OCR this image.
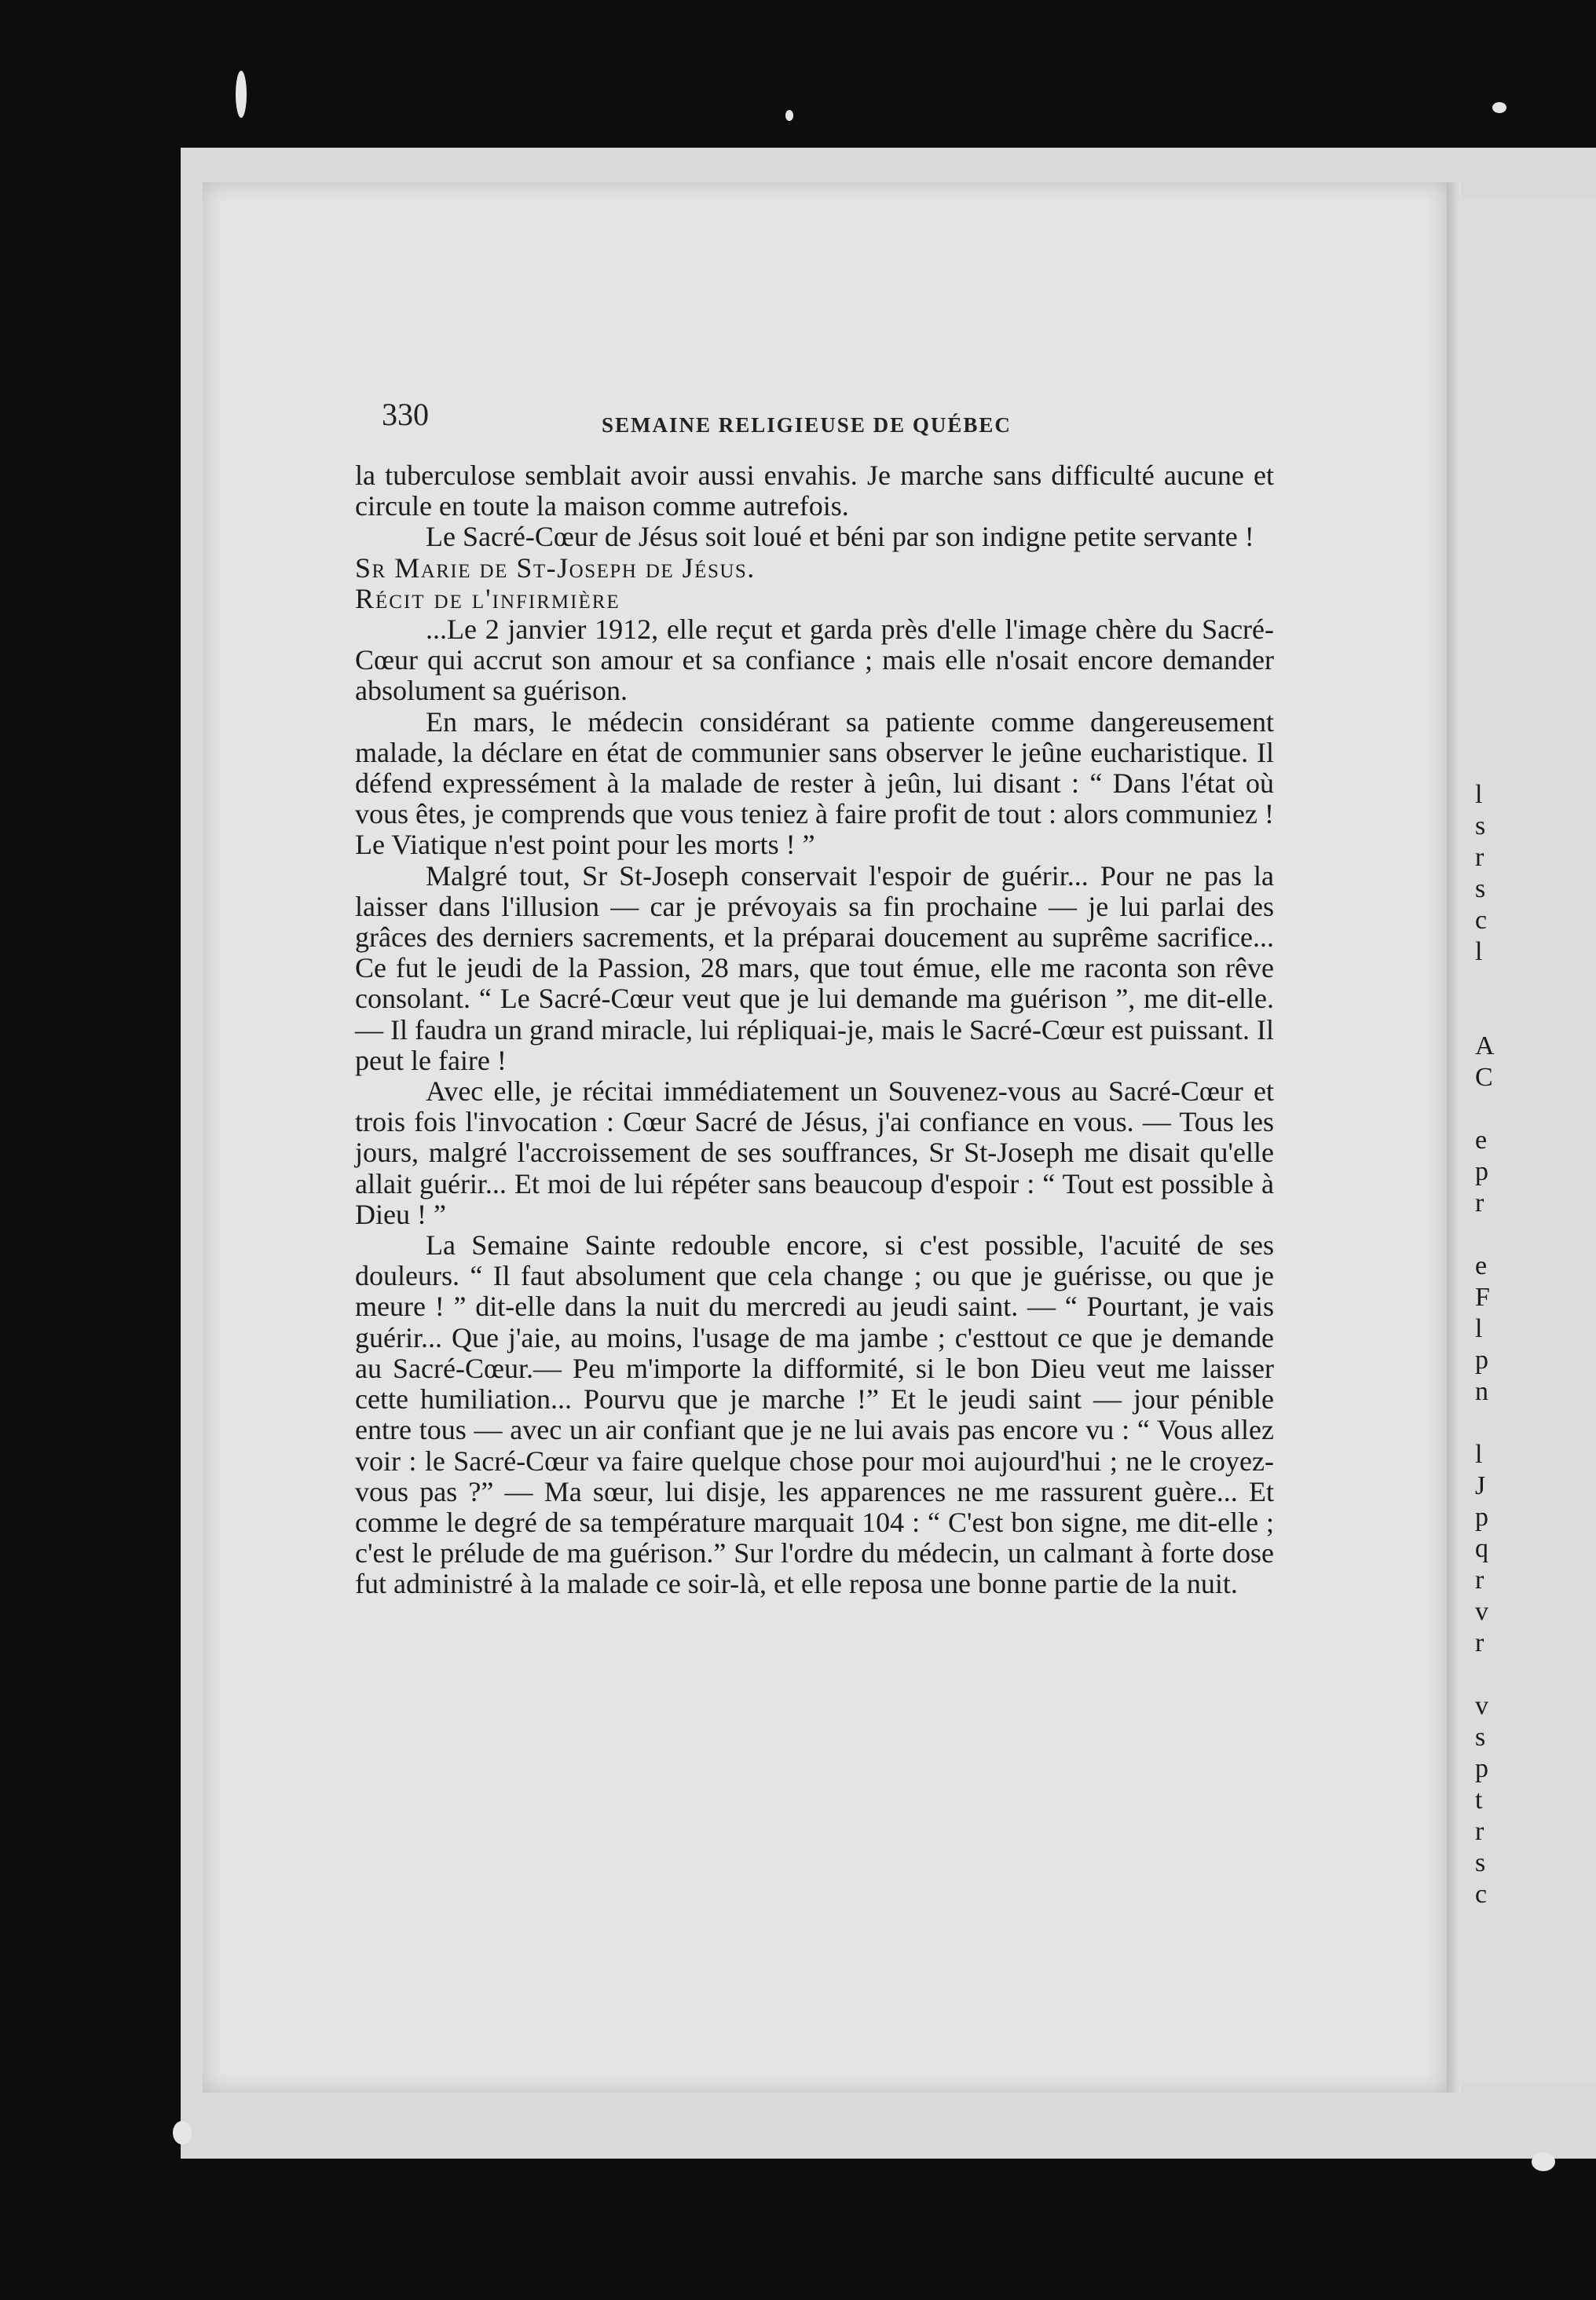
l
s
r
s
c
l
A
C
e
p
r
e
F
l
p
n
l
J
p
q
r
v
r
v
s
p
t
r
s
c
330	SEMAINE RELIGIEUSE DE QUÉBEC

la tuberculose semblait avoir aussi envahis. Je marche sans difficulté aucune et circule en toute la maison comme autrefois.

Le Sacré-Cœur de Jésus soit loué et béni par son indigne petite servante !

Sr Marie de St-Joseph de Jésus.

Récit de l'infirmière

...Le 2 janvier 1912, elle reçut et garda près d'elle l'image chère du Sacré-Cœur qui accrut son amour et sa confiance ; mais elle n'osait encore demander absolument sa guérison.

En mars, le médecin considérant sa patiente comme dangereusement malade, la déclare en état de communier sans observer le jeûne eucharistique. Il défend expressément à la malade de rester à jeûn, lui disant : “ Dans l'état où vous êtes, je comprends que vous teniez à faire profit de tout : alors communiez ! Le Viatique n'est point pour les morts ! ”

Malgré tout, Sr St-Joseph conservait l'espoir de guérir... Pour ne pas la laisser dans l'illusion — car je prévoyais sa fin prochaine — je lui parlai des grâces des derniers sacrements, et la préparai doucement au suprême sacrifice... Ce fut le jeudi de la Passion, 28 mars, que tout émue, elle me raconta son rêve consolant. “ Le Sacré-Cœur veut que je lui demande ma guérison ”, me dit-elle. — Il faudra un grand miracle, lui répliquai-je, mais le Sacré-Cœur est puissant. Il peut le faire !

Avec elle, je récitai immédiatement un Souvenez-vous au Sacré-Cœur et trois fois l'invocation : Cœur Sacré de Jésus, j'ai confiance en vous. — Tous les jours, malgré l'accroissement de ses souffrances, Sr St-Joseph me disait qu'elle allait guérir... Et moi de lui répéter sans beaucoup d'espoir : “ Tout est possible à Dieu ! ”

La Semaine Sainte redouble encore, si c'est possible, l'acuité de ses douleurs. “ Il faut absolument que cela change ; ou que je guérisse, ou que je meure ! ” dit-elle dans la nuit du mercredi au jeudi saint. — “ Pourtant, je vais guérir... Que j'aie, au moins, l'usage de ma jambe ; c'esttout ce que je demande au Sacré-Cœur.— Peu m'importe la difformité, si le bon Dieu veut me laisser cette humiliation... Pourvu que je marche !” Et le jeudi saint — jour pénible entre tous — avec un air confiant que je ne lui avais pas encore vu : “ Vous allez voir : le Sacré-Cœur va faire quelque chose pour moi aujourd'hui ; ne le croyez-vous pas ?” — Ma sœur, lui disje, les apparences ne me rassurent guère... Et comme le degré de sa température marquait 104 : “ C'est bon signe, me dit-elle ; c'est le prélude de ma guérison.” Sur l'ordre du médecin, un calmant à forte dose fut administré à la malade ce soir-là, et elle reposa une bonne partie de la nuit.
